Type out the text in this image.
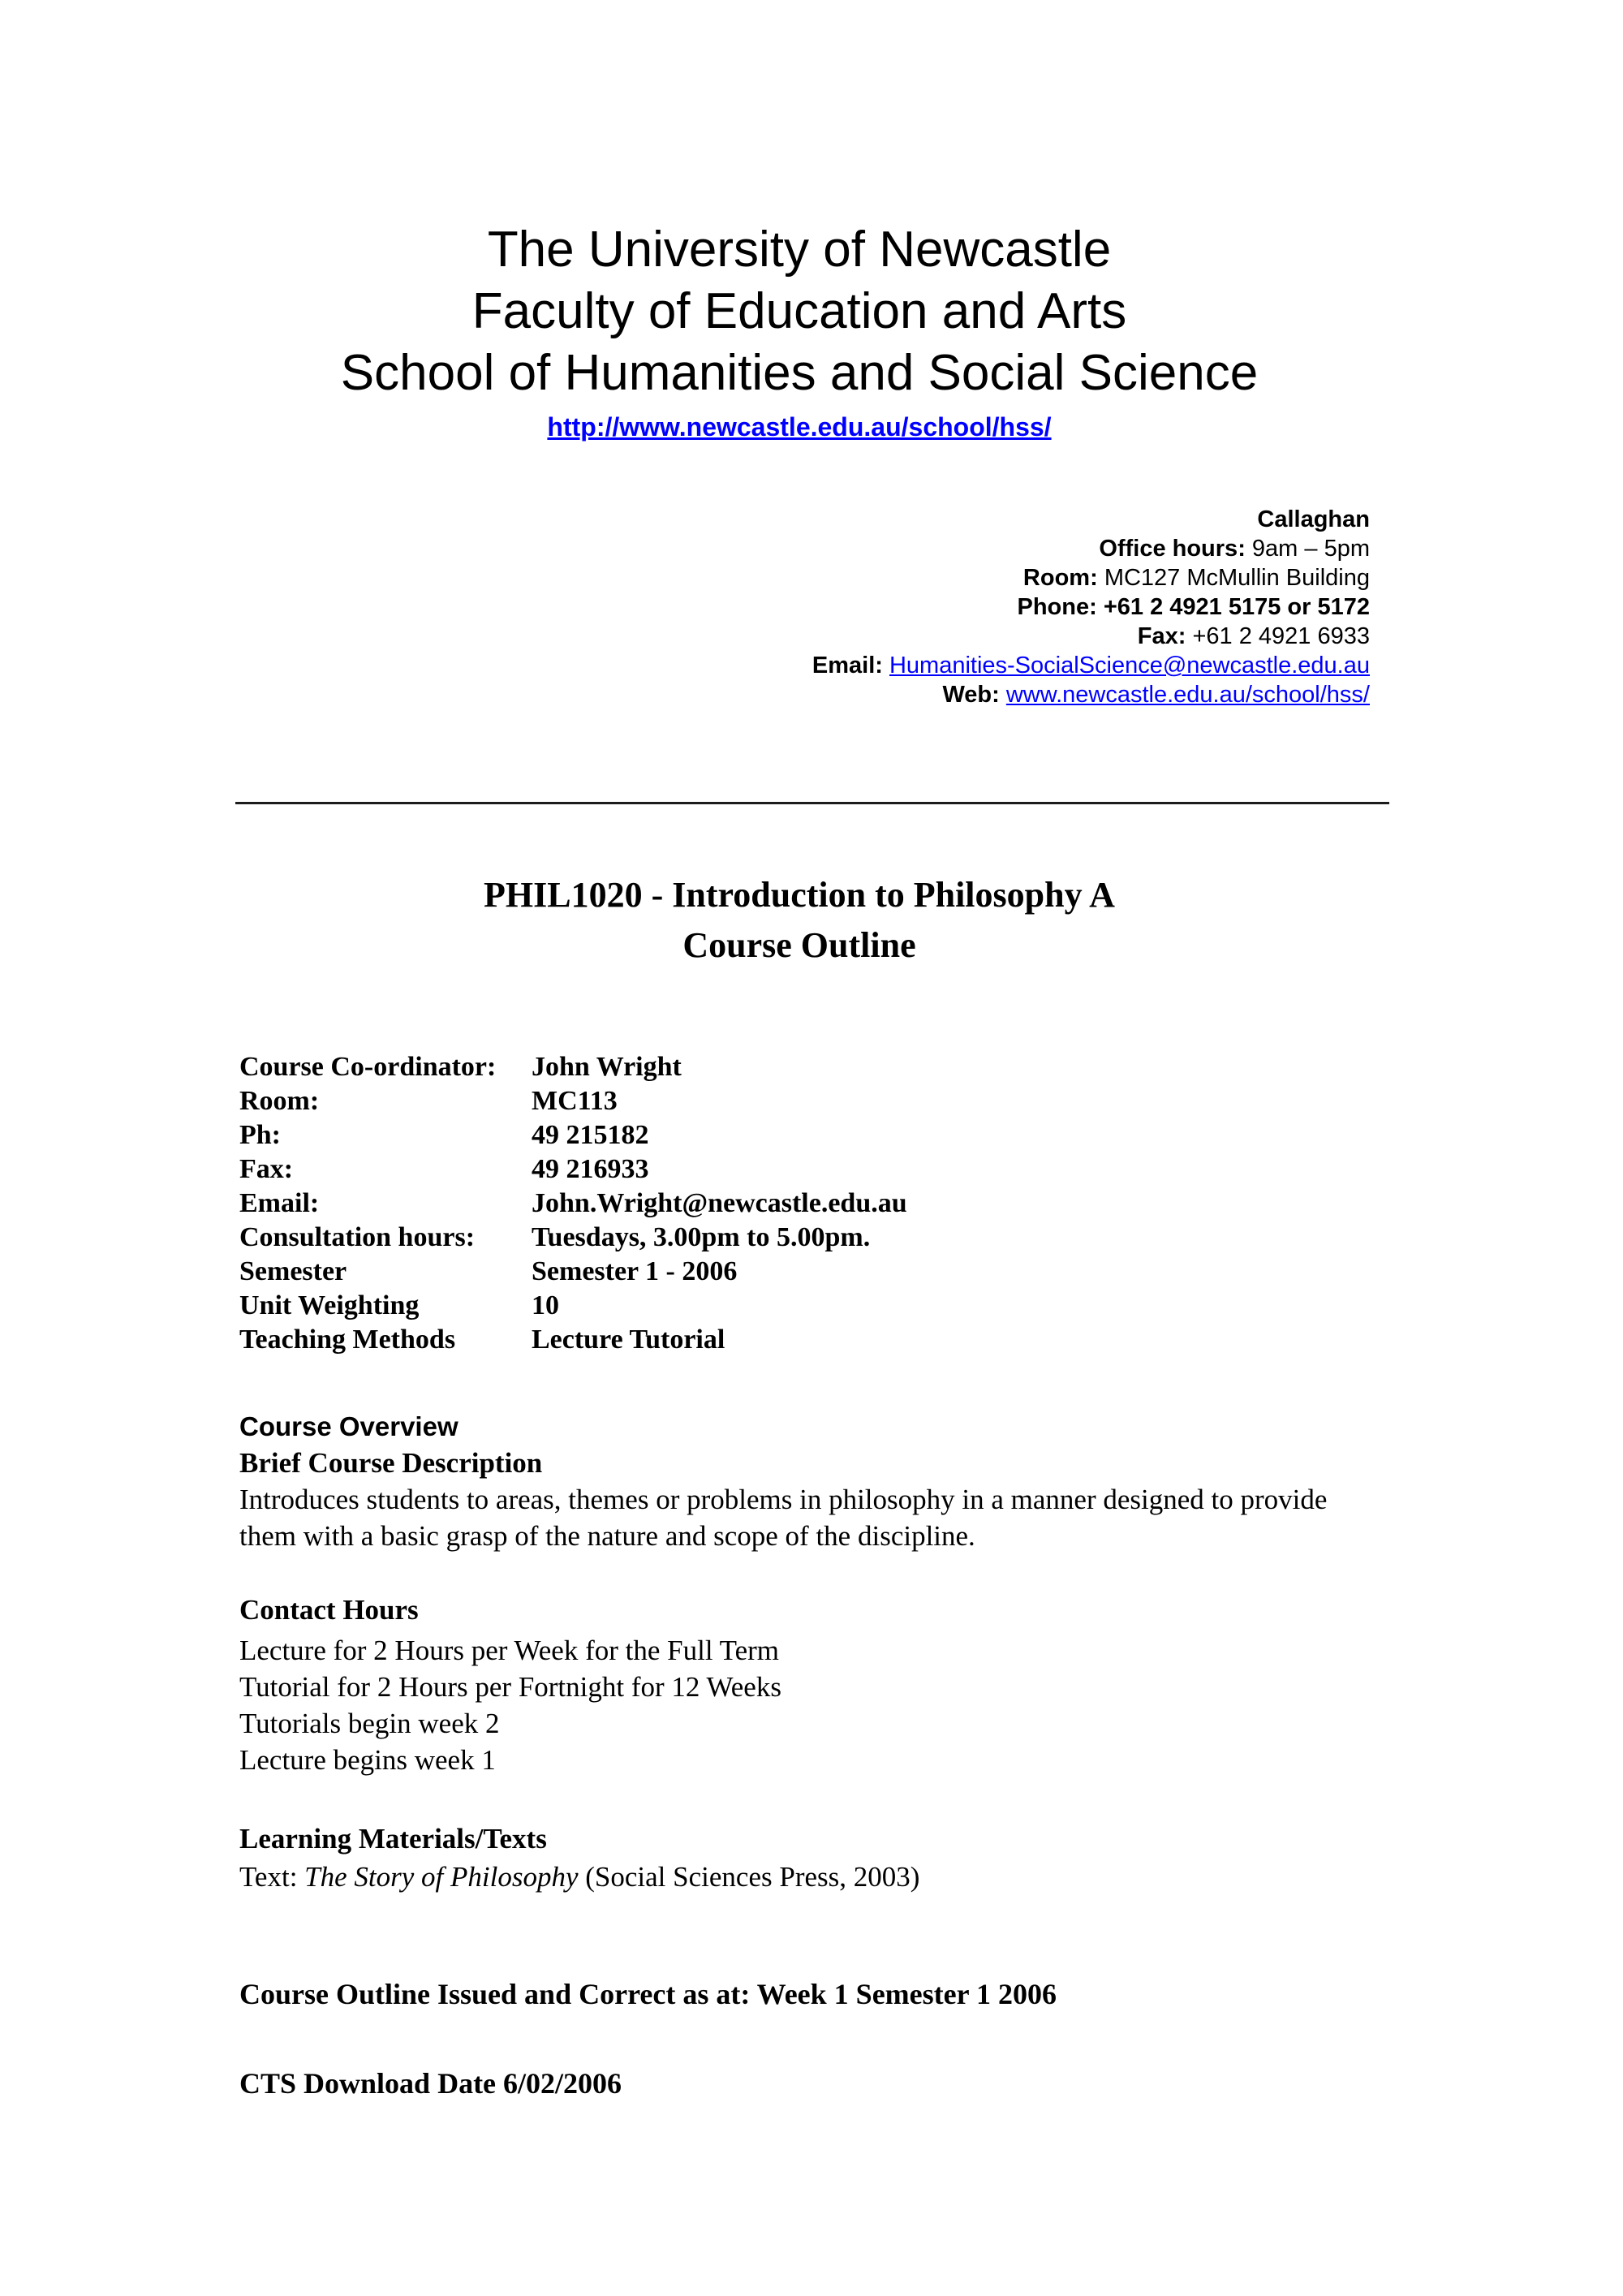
The University of Newcastle
Faculty of Education and Arts
School of Humanities and Social Science
http://www.newcastle.edu.au/school/hss/
Callaghan
Office hours: 9am – 5pm
Room: MC127 McMullin Building
Phone: +61 2 4921 5175 or 5172
Fax: +61 2 4921 6933
Email: Humanities-SocialScience@newcastle.edu.au
Web: www.newcastle.edu.au/school/hss/
PHIL1020 - Introduction to Philosophy A
Course Outline
Course Co-ordinator:	John Wright
Room:	MC113
Ph:	49 215182
Fax:	49 216933
Email:	John.Wright@newcastle.edu.au
Consultation hours:	Tuesdays, 3.00pm to 5.00pm.
Semester	Semester 1 - 2006
Unit Weighting	10
Teaching Methods	Lecture Tutorial
Course Overview
Brief Course Description
Introduces students to areas, themes or problems in philosophy in a manner designed to provide them with a basic grasp of the nature and scope of the discipline.
Contact Hours
Lecture for 2 Hours per Week for the Full Term
Tutorial for 2 Hours per Fortnight for 12 Weeks
Tutorials begin week 2
Lecture begins week 1
Learning Materials/Texts
Text: The Story of Philosophy (Social Sciences Press, 2003)
Course Outline Issued and Correct as at: Week 1 Semester 1 2006
CTS Download Date 6/02/2006
